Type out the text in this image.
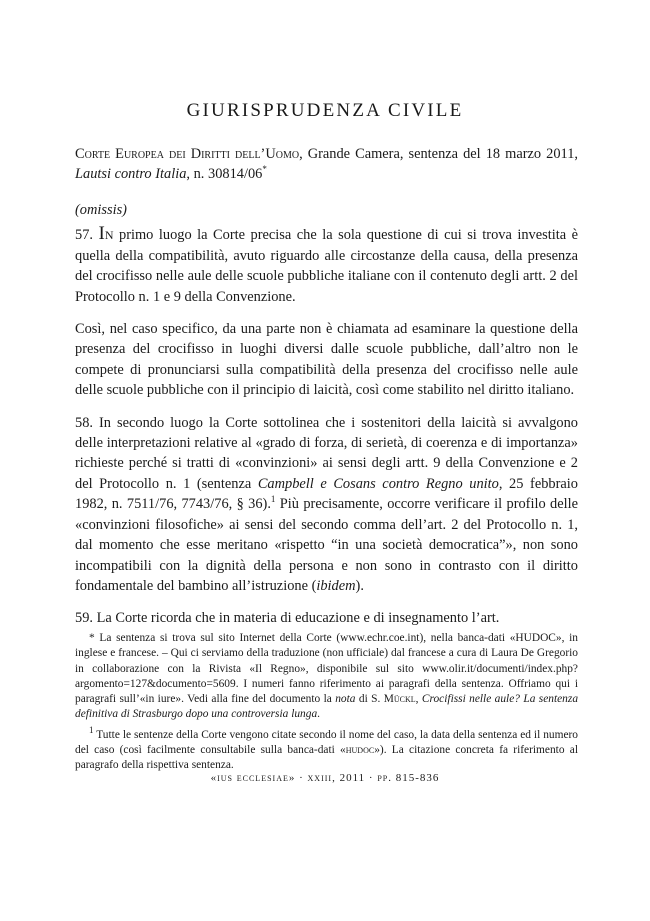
GIURISPRUDENZA CIVILE

Corte Europea dei Diritti dell’Uomo, Grande Camera, sentenza del 18 marzo 2011, Lautsi contro Italia, n. 30814/06*

(omissis)

57. In primo luogo la Corte precisa che la sola questione di cui si trova investita è quella della compatibilità, avuto riguardo alle circostanze della causa, della presenza del crocifisso nelle aule delle scuole pubbliche italiane con il contenuto degli artt. 2 del Protocollo n. 1 e 9 della Convenzione.

Così, nel caso specifico, da una parte non è chiamata ad esaminare la questione della presenza del crocifisso in luoghi diversi dalle scuole pubbliche, dall’altro non le compete di pronunciarsi sulla compatibilità della presenza del crocifisso nelle aule delle scuole pubbliche con il principio di laicità, così come stabilito nel diritto italiano.

58. In secondo luogo la Corte sottolinea che i sostenitori della laicità si avvalgono delle interpretazioni relative al «grado di forza, di serietà, di coerenza e di importanza» richieste perché si tratti di «convinzioni» ai sensi degli artt. 9 della Convenzione e 2 del Protocollo n. 1 (sentenza Campbell e Cosans contro Regno unito, 25 febbraio 1982, n. 7511/76, 7743/76, § 36).$^1$ Più precisamente, occorre verificare il profilo delle «convinzioni filosofiche» ai sensi del secondo comma dell’art. 2 del Protocollo n. 1, dal momento che esse meritano «rispetto “in una società democratica”», non sono incompatibili con la dignità della persona e non sono in contrasto con il diritto fondamentale del bambino all’istruzione (ibidem).

59. La Corte ricorda che in materia di educazione e di insegnamento l’art.

* La sentenza si trova sul sito Internet della Corte (www.echr.coe.int), nella banca-dati «HUDOC», in inglese e francese. – Qui ci serviamo della traduzione (non ufficiale) dal francese a cura di Laura De Gregorio in collaborazione con la Rivista «Il Regno», disponibile sul sito www.olir.it/documenti/index.php?argomento=127&documento=5609. I numeri fanno riferimento ai paragrafi della sentenza. Offriamo qui i paragrafi sull’«in iure». Vedi alla fine del documento la nota di S. Mückl, Crocifissi nelle aule? La sentenza definitiva di Strasburgo dopo una controversia lunga.

$^1$ Tutte le sentenze della Corte vengono citate secondo il nome del caso, la data della sentenza ed il numero del caso (così facilmente consultabile sulla banca-dati «hudoc»). La citazione concreta fa riferimento al paragrafo della rispettiva sentenza.

«ius ecclesiae» · xxiii, 2011 · pp. 815-836
